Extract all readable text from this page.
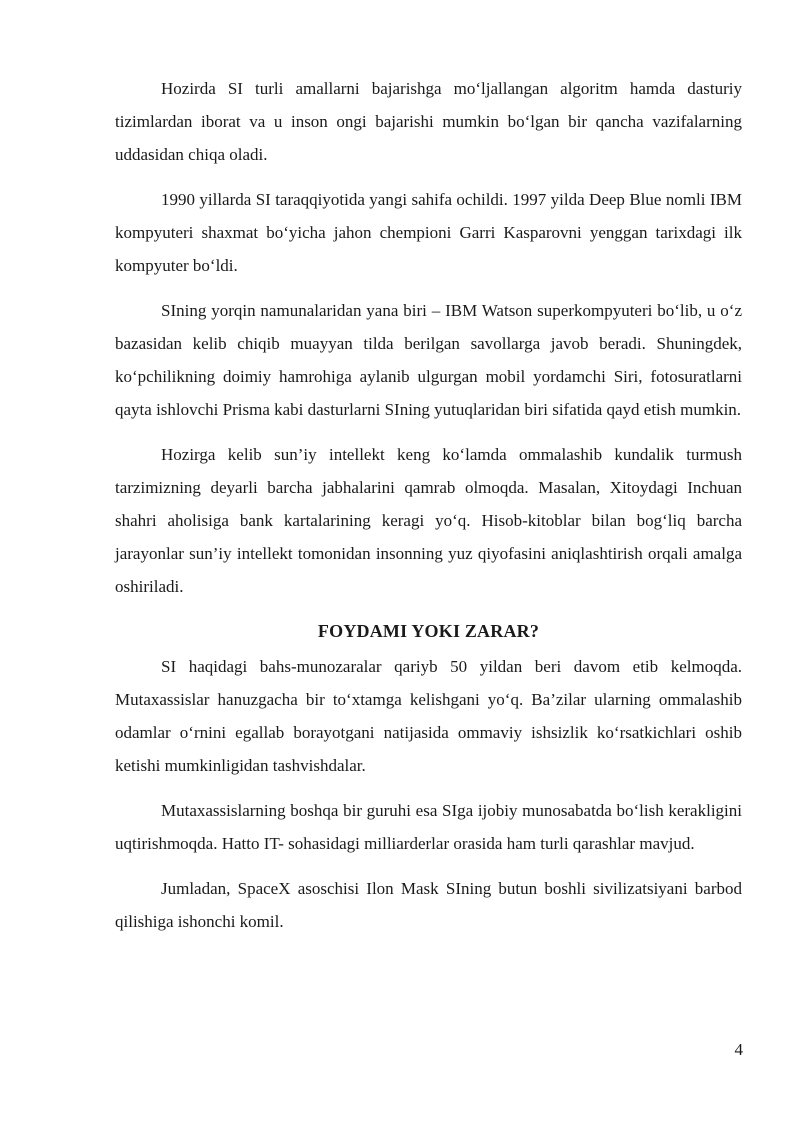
Hozirda SI turli amallarni bajarishga mo‘ljallangan algoritm hamda dasturiy tizimlardan iborat va u inson ongi bajarishi mumkin bo‘lgan bir qancha vazifalarning uddasidan chiqa oladi.

1990 yillarda SI taraqqiyotida yangi sahifa ochildi. 1997 yilda Deep Blue nomli IBM kompyuteri shaxmat bo‘yicha jahon chempioni Garri Kasparovni yenggan tarixdagi ilk kompyuter bo‘ldi.

SIning yorqin namunalaridan yana biri – IBM Watson superkompyuteri bo‘lib, u o‘z bazasidan kelib chiqib muayyan tilda berilgan savollarga javob beradi. Shuningdek, ko‘pchilikning doimiy hamrohiga aylanib ulgurgan mobil yordamchi Siri, fotosuratlarni qayta ishlovchi Prisma kabi dasturlarni SIning yutuqlaridan biri sifatida qayd etish mumkin.

Hozirga kelib sun’iy intellekt keng ko‘lamda ommalashib kundalik turmush tarzimizning deyarli barcha jabhalarini qamrab olmoqda. Masalan, Xitoydagi Inchuan shahri aholisiga bank kartalarining keragi yo‘q. Hisob-kitoblar bilan bog‘liq barcha jarayonlar sun’iy intellekt tomonidan insonning yuz qiyofasini aniqlashtirish orqali amalga oshiriladi.

FOYDAMI YOKI ZARAR?

SI haqidagi bahs-munozaralar qariyb 50 yildan beri davom etib kelmoqda. Mutaxassislar hanuzgacha bir to‘xtamga kelishgani yo‘q. Ba’zilar ularning ommalashib odamlar o‘rnini egallab borayotgani natijasida ommaviy ishsizlik ko‘rsatkichlari oshib ketishi mumkinligidan tashvishdalar.

Mutaxassislarning boshqa bir guruhi esa SIga ijobiy munosabatda bo‘lish kerakligini uqtirishmoqda. Hatto IT- sohasidagi milliarderlar orasida ham turli qarashlar mavjud.

Jumladan, SpaceX asoschisi Ilon Mask SIning butun boshli sivilizatsiyani barbod qilishiga ishonchi komil.

4
